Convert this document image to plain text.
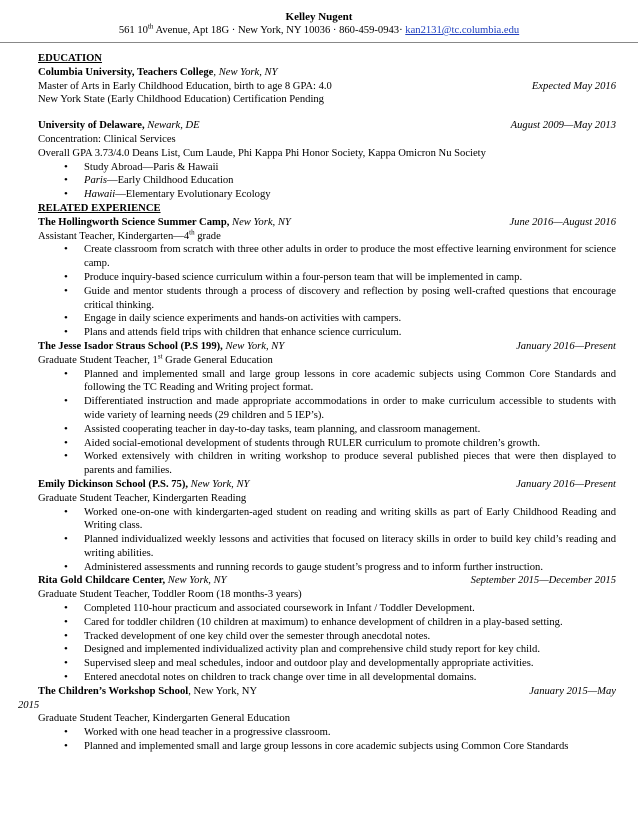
Kelley Nugent
561 10th Avenue, Apt 18G · New York, NY 10036 · 860-459-0943· kan2131@tc.columbia.edu
EDUCATION
Columbia University, Teachers College, New York, NY
Master of Arts in Early Childhood Education, birth to age 8 GPA: 4.0	Expected May 2016
New York State (Early Childhood Education) Certification Pending
University of Delaware, Newark, DE	August 2009—May 2013
Concentration: Clinical Services
Overall GPA 3.73/4.0 Deans List, Cum Laude, Phi Kappa Phi Honor Society, Kappa Omicron Nu Society
• Study Abroad—Paris & Hawaii
• Paris—Early Childhood Education
• Hawaii—Elementary Evolutionary Ecology
RELATED EXPERIENCE
The Hollingworth Science Summer Camp, New York, NY	June 2016—August 2016
Assistant Teacher, Kindergarten—4th grade
• Create classroom from scratch with three other adults in order to produce the most effective learning environment for science camp.
• Produce inquiry-based science curriculum within a four-person team that will be implemented in camp.
• Guide and mentor students through a process of discovery and reflection by posing well-crafted questions that encourage critical thinking.
• Engage in daily science experiments and hands-on activities with campers.
• Plans and attends field trips with children that enhance science curriculum.
The Jesse Isador Straus School (P.S 199), New York, NY	January 2016—Present
Graduate Student Teacher, 1st Grade General Education
• Planned and implemented small and large group lessons in core academic subjects using Common Core Standards and following the TC Reading and Writing project format.
• Differentiated instruction and made appropriate accommodations in order to make curriculum accessible to students with wide variety of learning needs (29 children and 5 IEP’s).
• Assisted cooperating teacher in day-to-day tasks, team planning, and classroom management.
• Aided social-emotional development of students through RULER curriculum to promote children’s growth.
• Worked extensively with children in writing workshop to produce several published pieces that were then displayed to parents and families.
Emily Dickinson School (P.S. 75), New York, NY	January 2016—Present
Graduate Student Teacher, Kindergarten Reading
• Worked one-on-one with kindergarten-aged student on reading and writing skills as part of Early Childhood Reading and Writing class.
• Planned individualized weekly lessons and activities that focused on literacy skills in order to build key child’s reading and writing abilities.
• Administered assessments and running records to gauge student’s progress and to inform further instruction.
Rita Gold Childcare Center, New York, NY	September 2015—December 2015
Graduate Student Teacher, Toddler Room (18 months-3 years)
• Completed 110-hour practicum and associated coursework in Infant / Toddler Development.
• Cared for toddler children (10 children at maximum) to enhance development of children in a play-based setting.
• Tracked development of one key child over the semester through anecdotal notes.
• Designed and implemented individualized activity plan and comprehensive child study report for key child.
• Supervised sleep and meal schedules, indoor and outdoor play and developmentally appropriate activities.
• Entered anecdotal notes on children to track change over time in all developmental domains.
The Children’s Workshop School, New York, NY	January 2015—May
2015
Graduate Student Teacher, Kindergarten General Education
• Worked with one head teacher in a progressive classroom.
• Planned and implemented small and large group lessons in core academic subjects using Common Core Standards
